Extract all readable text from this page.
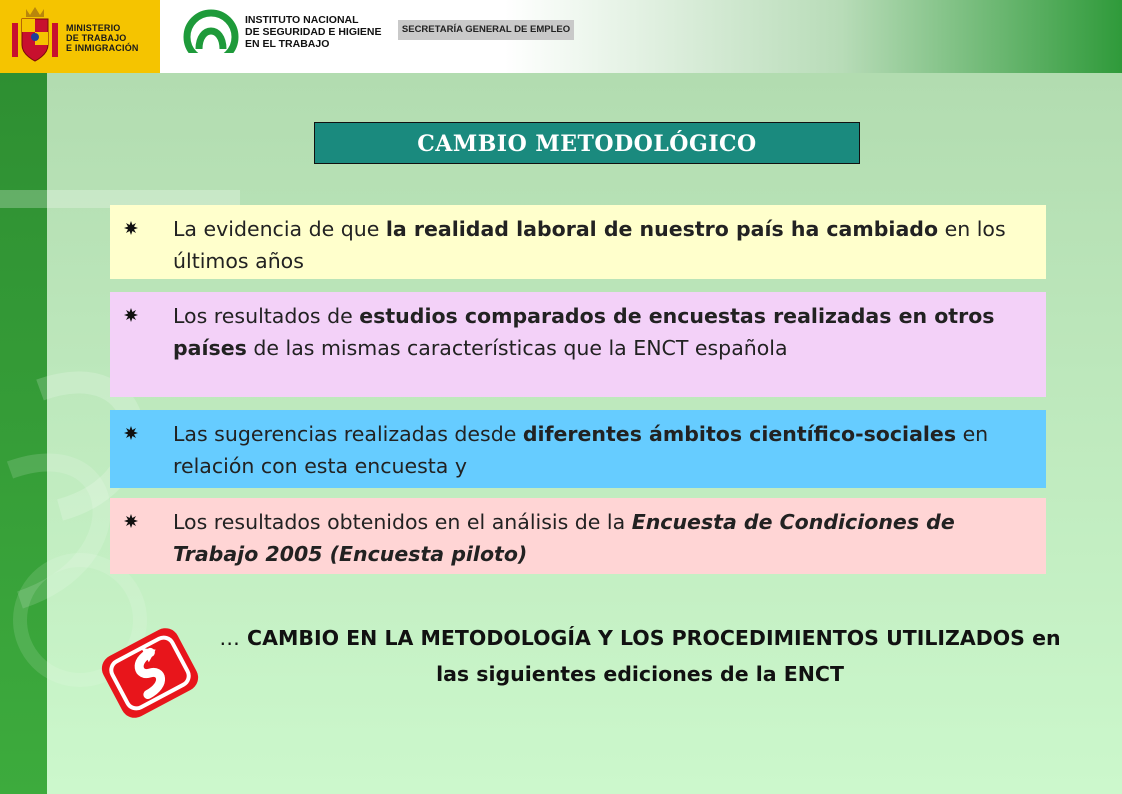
MINISTERIO
DE TRABAJO
E INMIGRACIÓN
INSTITUTO NACIONAL
DE SEGURIDAD E HIGIENE
EN EL TRABAJO
SECRETARÍA GENERAL DE EMPLEO
CAMBIO METODOLÓGICO
La evidencia de que la realidad laboral de nuestro país ha cambiado en los últimos años
Los resultados de estudios comparados de encuestas realizadas en otros países de las mismas características que la ENCT española
Las sugerencias realizadas desde diferentes ámbitos científico-sociales en relación con esta encuesta y
Los resultados obtenidos en el análisis de la Encuesta de Condiciones de Trabajo 2005 (Encuesta piloto)
… CAMBIO EN LA METODOLOGÍA Y LOS PROCEDIMIENTOS UTILIZADOS en las siguientes ediciones de la ENCT
